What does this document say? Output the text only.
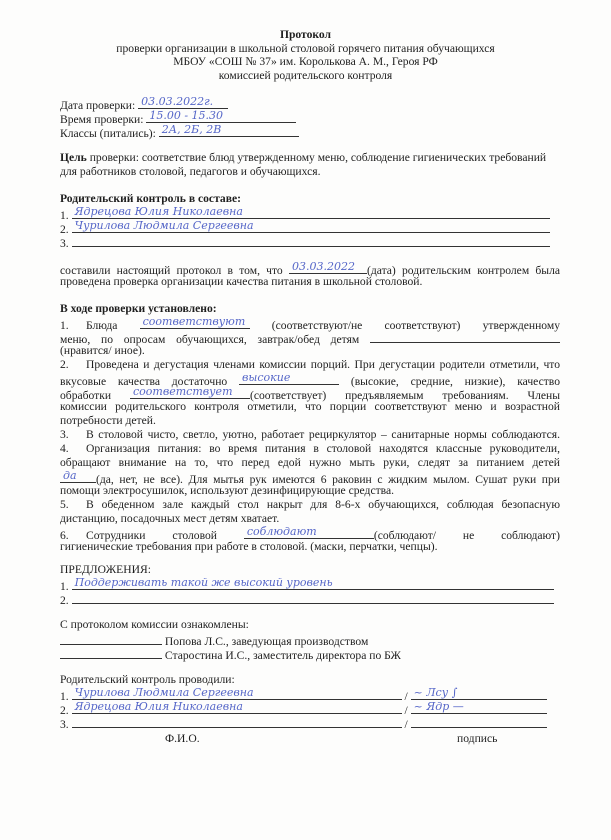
Протокол
проверки организации в школьной столовой горячего питания обучающихся
МБОУ «СОШ № 37» им. Королькова А. М., Героя РФ
комиссией родительского контроля
Дата проверки: 03.03.2022г.
Время проверки: 15.00 - 15.30
Классы (питались): 2А, 2Б, 2В
Цель проверки: соответствие блюд утвержденному меню, соблюдение гигиенических требований
для работников столовой, педагогов и обучающихся.
Родительский контроль в составе:
1. Ядрецова Юлия Николаевна
2. Чурилова Людмила Сергеевна
3.
составили настоящий протокол в том, что 03.03.2022 (дата) родительским контролем была
проведена проверка организации качества питания в школьной столовой.
В ходе проверки установлено:
1. Блюда соответствуют (соответствуют/не соответствуют) утвержденному
меню, по опросам обучающихся, завтрак/обед детям
(нравится/ иное).
2. Проведена и дегустация членами комиссии порций. При дегустации родители отметили, что
вкусовые качества достаточно высокие	(высокие, средние, низкие), качество
обработки соответствует (соответствует) предъявляемым требованиям. Члены
комиссии родительского контроля отметили, что порции соответствуют меню и возрастной
потребности детей.
3. В столовой чисто, светло, уютно, работает рециркулятор – санитарные нормы соблюдаются.
4. Организация питания: во время питания в столовой находятся классные руководители,
обращают внимание на то, что перед едой нужно мыть руки, следят за питанием детей
да (да, нет, не все). Для мытья рук имеются 6 раковин с жидким мылом. Сушат руки при
помощи электросушилок, используют дезинфицирующие средства.
5. В обеденном зале каждый стол накрыт для 8-6-х обучающихся, соблюдая безопасную
дистанцию, посадочных мест детям хватает.
6. Сотрудники столовой	соблюдают	(соблюдают/ не соблюдают)
гигиенические требования при работе в столовой. (маски, перчатки, чепцы).
ПРЕДЛОЖЕНИЯ:
1. Поддерживать такой же высокий уровень
2.
С протоколом комиссии ознакомлены:
Попова Л.С., заведующая производством
Старостина И.С., заместитель директора по БЖ
Родительский контроль проводили:
1. Чурилова Людмила Сергеевна	/ ~ Лсу ∫
2. Ядрецова Юлия Николаевна	/ ~ Ядр —
3.	/
Ф.И.О.	подпись
